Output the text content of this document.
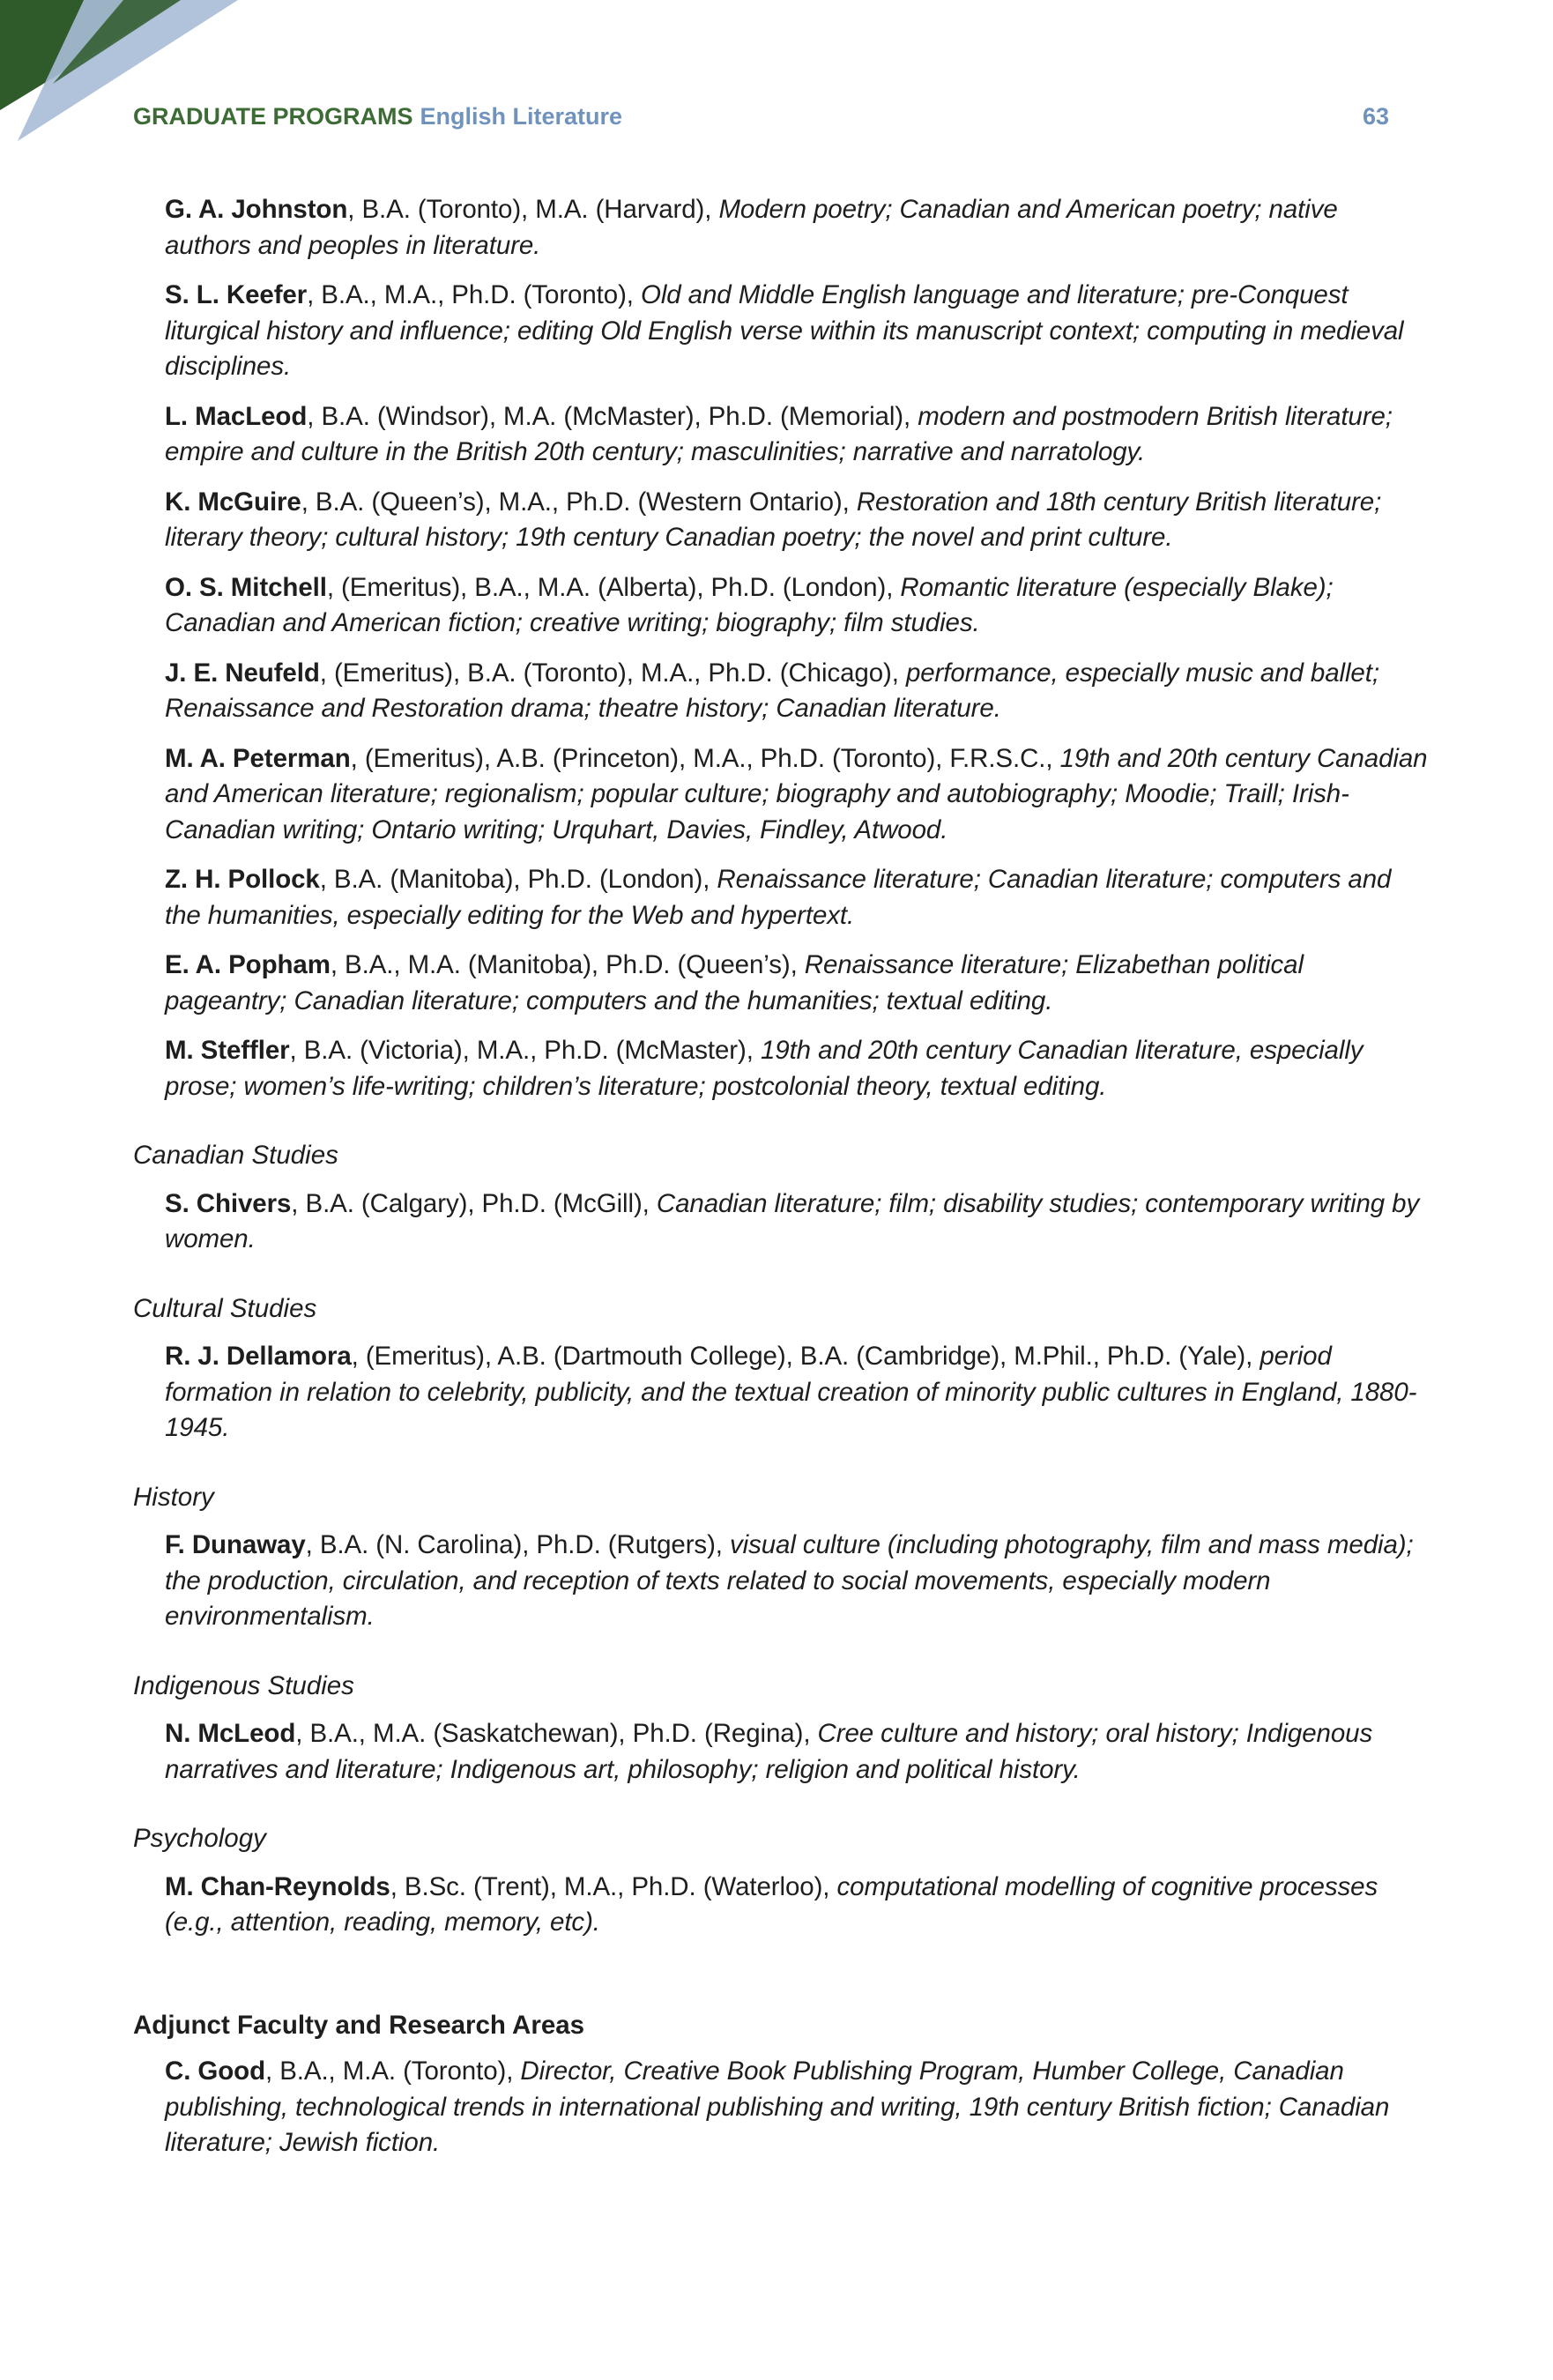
GRADUATE PROGRAMS English Literature	63

G. A. Johnston, B.A. (Toronto), M.A. (Harvard), Modern poetry; Canadian and American poetry; native authors and peoples in literature.

S. L. Keefer, B.A., M.A., Ph.D. (Toronto), Old and Middle English language and literature; pre-Conquest liturgical history and influence; editing Old English verse within its manuscript context; computing in medieval disciplines.

L. MacLeod, B.A. (Windsor), M.A. (McMaster), Ph.D. (Memorial), modern and postmodern British literature; empire and culture in the British 20th century; masculinities; narrative and narratology.

K. McGuire, B.A. (Queen’s), M.A., Ph.D. (Western Ontario), Restoration and 18th century British literature; literary theory; cultural history; 19th century Canadian poetry; the novel and print culture.

O. S. Mitchell, (Emeritus), B.A., M.A. (Alberta), Ph.D. (London), Romantic literature (especially Blake); Canadian and American fiction; creative writing; biography; film studies.

J. E. Neufeld, (Emeritus), B.A. (Toronto), M.A., Ph.D. (Chicago), performance, especially music and ballet; Renaissance and Restoration drama; theatre history; Canadian literature.

M. A. Peterman, (Emeritus), A.B. (Princeton), M.A., Ph.D. (Toronto), F.R.S.C., 19th and 20th century Canadian and American literature; regionalism; popular culture; biography and autobiography; Moodie; Traill; Irish-Canadian writing; Ontario writing; Urquhart, Davies, Findley, Atwood.

Z. H. Pollock, B.A. (Manitoba), Ph.D. (London), Renaissance literature; Canadian literature; computers and the humanities, especially editing for the Web and hypertext.

E. A. Popham, B.A., M.A. (Manitoba), Ph.D. (Queen’s), Renaissance literature; Elizabethan political pageantry; Canadian literature; computers and the humanities; textual editing.

M. Steffler, B.A. (Victoria), M.A., Ph.D. (McMaster), 19th and 20th century Canadian literature, especially prose; women’s life-writing; children’s literature; postcolonial theory, textual editing.

Canadian Studies

S. Chivers, B.A. (Calgary), Ph.D. (McGill), Canadian literature; film; disability studies; contemporary writing by women.

Cultural Studies

R. J. Dellamora, (Emeritus), A.B. (Dartmouth College), B.A. (Cambridge), M.Phil., Ph.D. (Yale), period formation in relation to celebrity, publicity, and the textual creation of minority public cultures in England, 1880-1945.

History

F. Dunaway, B.A. (N. Carolina), Ph.D. (Rutgers), visual culture (including photography, film and mass media); the production, circulation, and reception of texts related to social movements, especially modern environmentalism.

Indigenous Studies

N. McLeod, B.A., M.A. (Saskatchewan), Ph.D. (Regina), Cree culture and history; oral history; Indigenous narratives and literature; Indigenous art, philosophy; religion and political history.

Psychology

M. Chan-Reynolds, B.Sc. (Trent), M.A., Ph.D. (Waterloo), computational modelling of cognitive processes (e.g., attention, reading, memory, etc).

Adjunct Faculty and Research Areas

C. Good, B.A., M.A. (Toronto), Director, Creative Book Publishing Program, Humber College, Canadian publishing, technological trends in international publishing and writing, 19th century British fiction; Canadian literature; Jewish fiction.
